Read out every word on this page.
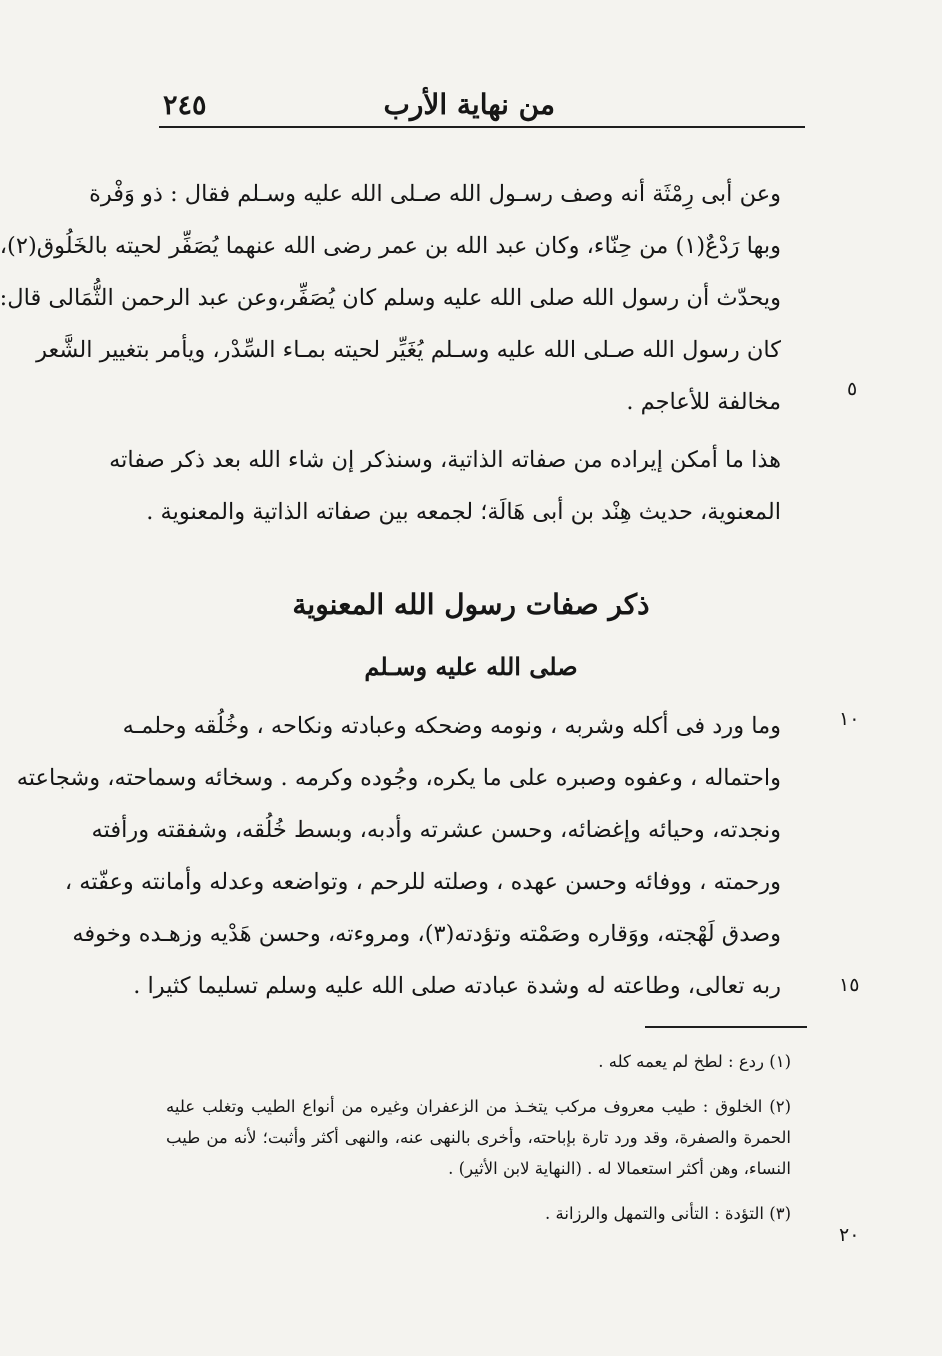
من نهاية الأرب
٢٤٥

وعن أبى رِمْثَة أنه وصف رسـول الله صـلى الله عليه وسـلم فقال : ذو وَفْرة
وبها رَدْعٌ(١) من حِنّاء، وكان عبد الله بن عمر رضى الله عنهما يُصَفِّر لحيته بالخَلُوق(٢)،
ويحدّث أن رسول الله صلى الله عليه وسلم كان يُصَفِّر،وعن عبد الرحمن الثُّمَالى قال:
كان رسول الله صـلى الله عليه وسـلم يُغَيِّر لحيته بمـاء السِّدْر، ويأمر بتغيير الشَّعر
مخالفة للأعاجم .	٥

هذا ما أمكن إيراده من صفاته الذاتية، وسنذكر إن شاء الله بعد ذكر صفاته
المعنوية، حديث هِنْد بن أبى هَالَة؛ لجمعه بين صفاته الذاتية والمعنوية .

ذكر صفات رسول الله المعنوية
صلى الله عليه وسـلم

وما ورد فى أكله وشربه ، ونومه وضحكه وعبادته ونكاحه ، وخُلُقه وحلمـه
واحتماله ، وعفوه وصبره على ما يكره، وجُوده وكرمه . وسخائه وسماحته، وشجاعته
ونجدته، وحيائه وإغضائه، وحسن عشرته وأدبه، وبسط خُلُقه، وشفقته ورأفته
ورحمته ، ووفائه وحسن عهده ، وصلته للرحم ، وتواضعه وعدله وأمانته وعفّته ،
وصدق لَهْجته، ووَقاره وصَمْته وتؤدته(٣)، ومروءته، وحسن هَدْيه وزهـده وخوفه
ربه تعالى، وطاعته له وشدة عبادته صلى الله عليه وسلم تسليما كثيرا .

١٠
١٥
(١) ردع : لطخ لم يعمه كله .
(٢) الخلوق : طيب معروف مركب يتخـذ من الزعفران وغيره من أنواع الطيب وتغلب عليه الحمرة والصفرة، وقد ورد تارة بإباحته، وأخرى بالنهى عنه، والنهى أكثر وأثبت؛ لأنه من طيب النساء، وهن أكثر استعمالا له . (النهاية لابن الأثير) .
(٣) التؤدة : التأنى والتمهل والرزانة .
٢٠
